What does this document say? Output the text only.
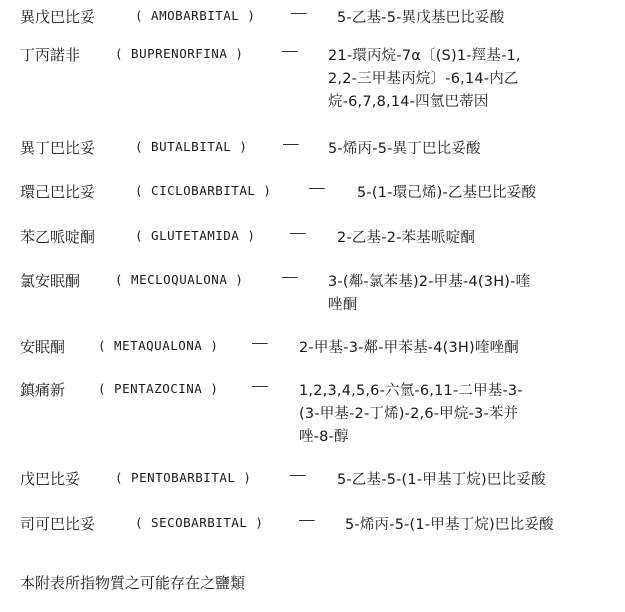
異戊巴比妥	( AMOBARBITAL )	—— 5-乙基-5-異戊基巴比妥酸
丁丙諾非	( BUPRENORFINA )	—— 21-環丙烷-7α〔(S)1-羥基-1,
2,2-三甲基丙烷〕-6,14-内乙
烷-6,7,8,14-四氫巴蒂因
異丁巴比妥	( BUTALBITAL )	—— 5-烯丙-5-異丁巴比妥酸
環己巴比妥	( CICLOBARBITAL )	—— 5-(1-環己烯)-乙基巴比妥酸
苯乙哌啶酮	( GLUTETAMIDA )	—— 2-乙基-2-苯基哌啶酮
氯安眠酮	( MECLOQUALONA )	—— 3-(鄰-氯苯基)2-甲基-4(3H)-喹
唑酮
安眠酮	( METAQUALONA )	—— 2-甲基-3-鄰-甲苯基-4(3H)喹唑酮
鎮痛新	( PENTAZOCINA )	—— 1,2,3,4,5,6-六氫-6,11-二甲基-3-
(3-甲基-2-丁烯)-2,6-甲烷-3-苯并
唑-8-醇
戊巴比妥	( PENTOBARBITAL )	—— 5-乙基-5-(1-甲基丁烷)巴比妥酸
司可巴比妥	( SECOBARBITAL )	—— 5-烯丙-5-(1-甲基丁烷)巴比妥酸
本附表所指物質之可能存在之鹽類
